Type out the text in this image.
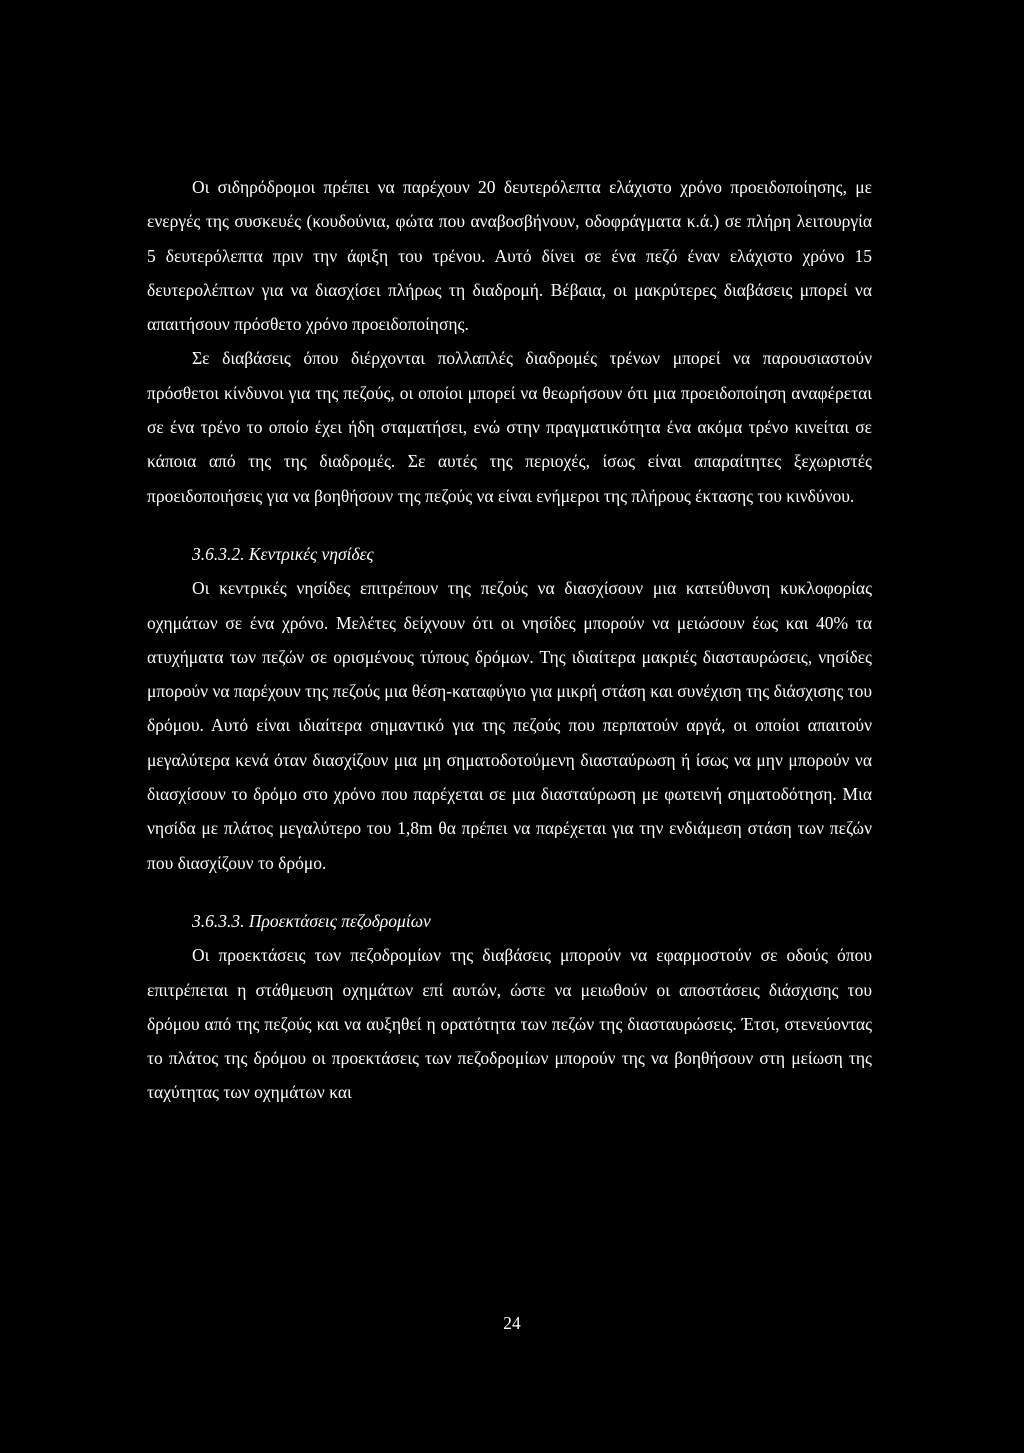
Οι σιδηρόδρομοι πρέπει να παρέχουν 20 δευτερόλεπτα ελάχιστο χρόνο προειδοποίησης, με ενεργές της συσκευές (κουδούνια, φώτα που αναβοσβήνουν, οδοφράγματα κ.ά.) σε πλήρη λειτουργία 5 δευτερόλεπτα πριν την άφιξη του τρένου. Αυτό δίνει σε ένα πεζό έναν ελάχιστο χρόνο 15 δευτερολέπτων για να διασχίσει πλήρως τη διαδρομή. Βέβαια, οι μακρύτερες διαβάσεις μπορεί να απαιτήσουν πρόσθετο χρόνο προειδοποίησης.

Σε διαβάσεις όπου διέρχονται πολλαπλές διαδρομές τρένων μπορεί να παρουσιαστούν πρόσθετοι κίνδυνοι για της πεζούς, οι οποίοι μπορεί να θεωρήσουν ότι μια προειδοποίηση αναφέρεται σε ένα τρένο το οποίο έχει ήδη σταματήσει, ενώ στην πραγματικότητα ένα ακόμα τρένο κινείται σε κάποια από της της διαδρομές. Σε αυτές της περιοχές, ίσως είναι απαραίτητες ξεχωριστές προειδοποιήσεις για να βοηθήσουν της πεζούς να είναι ενήμεροι της πλήρους έκτασης του κινδύνου.

3.6.3.2. Κεντρικές νησίδες

Οι κεντρικές νησίδες επιτρέπουν της πεζούς να διασχίσουν μια κατεύθυνση κυκλοφορίας οχημάτων σε ένα χρόνο. Μελέτες δείχνουν ότι οι νησίδες μπορούν να μειώσουν έως και 40% τα ατυχήματα των πεζών σε ορισμένους τύπους δρόμων. Της ιδιαίτερα μακριές διασταυρώσεις, νησίδες μπορούν να παρέχουν της πεζούς μια θέση-καταφύγιο για μικρή στάση και συνέχιση της διάσχισης του δρόμου. Αυτό είναι ιδιαίτερα σημαντικό για της πεζούς που περπατούν αργά, οι οποίοι απαιτούν μεγαλύτερα κενά όταν διασχίζουν μια μη σηματοδοτούμενη διασταύρωση ή ίσως να μην μπορούν να διασχίσουν το δρόμο στο χρόνο που παρέχεται σε μια διασταύρωση με φωτεινή σηματοδότηση. Μια νησίδα με πλάτος μεγαλύτερο του 1,8m θα πρέπει να παρέχεται για την ενδιάμεση στάση των πεζών που διασχίζουν το δρόμο.

3.6.3.3. Προεκτάσεις πεζοδρομίων

Οι προεκτάσεις των πεζοδρομίων της διαβάσεις μπορούν να εφαρμοστούν σε οδούς όπου επιτρέπεται η στάθμευση οχημάτων επί αυτών, ώστε να μειωθούν οι αποστάσεις διάσχισης του δρόμου από της πεζούς και να αυξηθεί η ορατότητα των πεζών της διασταυρώσεις. Έτσι, στενεύοντας το πλάτος της δρόμου οι προεκτάσεις των πεζοδρομίων μπορούν της να βοηθήσουν στη μείωση της ταχύτητας των οχημάτων και

24
